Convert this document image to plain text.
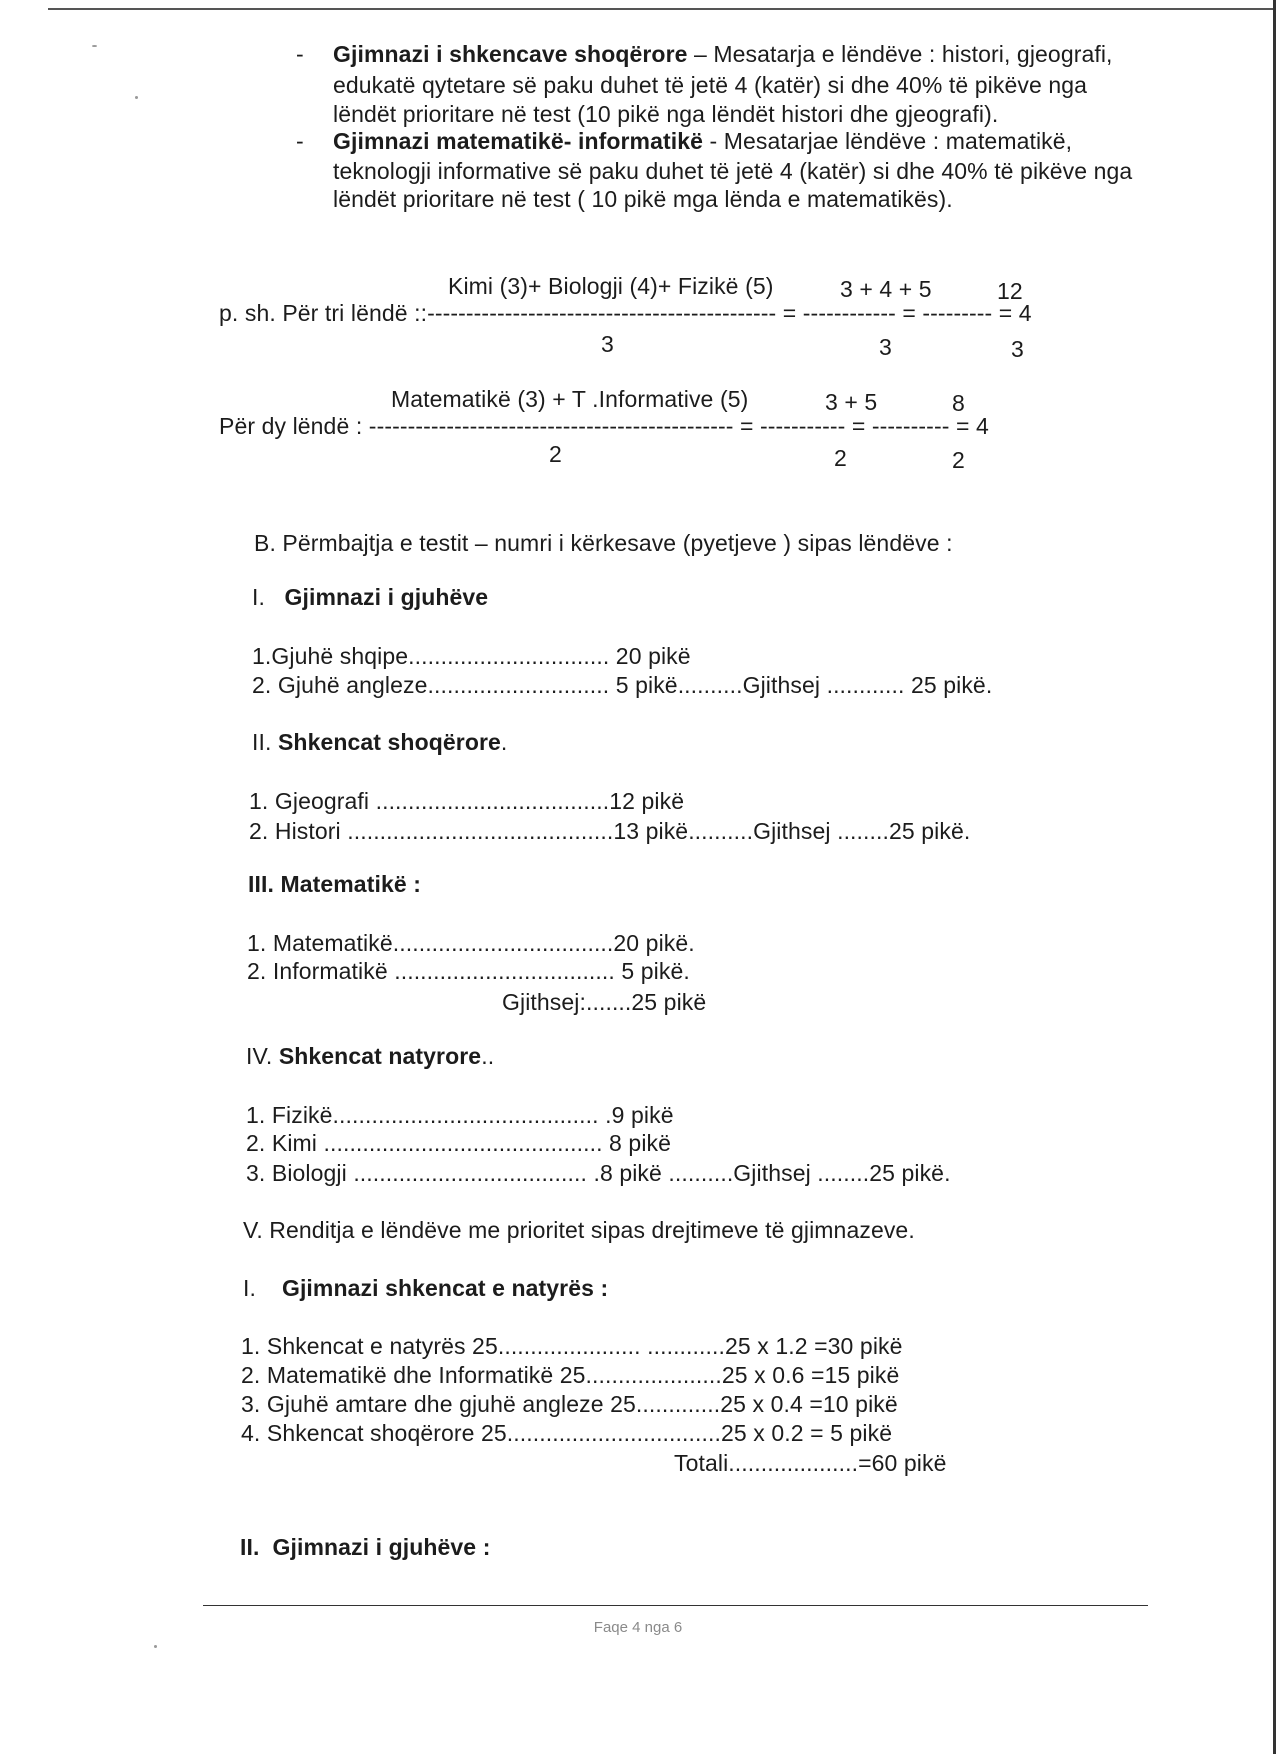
- Gjimnazi i shkencave shoqërore – Mesatarja e lëndëve : histori, gjeografi,
edukatë qytetare së paku duhet të jetë 4 (katër) si dhe 40% të pikëve nga
lëndët prioritare në test (10 pikë nga lëndët histori dhe gjeografi).
- Gjimnazi matematikë- informatikë - Mesatarjae lëndëve : matematikë,
teknologji informative së paku duhet të jetë 4 (katër) si dhe 40% të pikëve nga
lëndët prioritare në test ( 10 pikë mga lënda e matematikës).
Kimi (3)+ Biologji (4)+ Fizikë (5)	3 + 4 + 5	12
p. sh. Për tri lëndë ::--------------------------------------------- = ------------ = --------- = 4
3	3	3
Matematikë (3) + T .Informative (5)	3 + 5	8
Për dy lëndë : ----------------------------------------------- = ----------- = ---------- = 4
2	2	2
B. Përmbajtja e testit – numri i kërkesave (pyetjeve ) sipas lëndëve :
I. Gjimnazi i gjuhëve
1.Gjuhë shqipe............................... 20 pikë
2. Gjuhë angleze............................ 5 pikë..........Gjithsej ............ 25 pikë.
II. Shkencat shoqërore.
1. Gjeografi ....................................12 pikë
2. Histori .........................................13 pikë..........Gjithsej ........25 pikë.
III. Matematikë :
1. Matematikë..................................20 pikë.
2. Informatikë .................................. 5 pikë.
Gjithsej:.......25 pikë
IV. Shkencat natyrore..
1. Fizikë......................................... .9 pikë
2. Kimi ........................................... 8 pikë
3. Biologji .................................... .8 pikë ..........Gjithsej ........25 pikë.
V. Renditja e lëndëve me prioritet sipas drejtimeve të gjimnazeve.
I. Gjimnazi shkencat e natyrës :
1. Shkencat e natyrës 25...................... ............25 x 1.2 =30 pikë
2. Matematikë dhe Informatikë 25.....................25 x 0.6 =15 pikë
3. Gjuhë amtare dhe gjuhë angleze 25.............25 x 0.4 =10 pikë
4. Shkencat shoqërore 25.................................25 x 0.2 = 5 pikë
Totali....................=60 pikë
II. Gjimnazi i gjuhëve :
Faqe 4 nga 6
